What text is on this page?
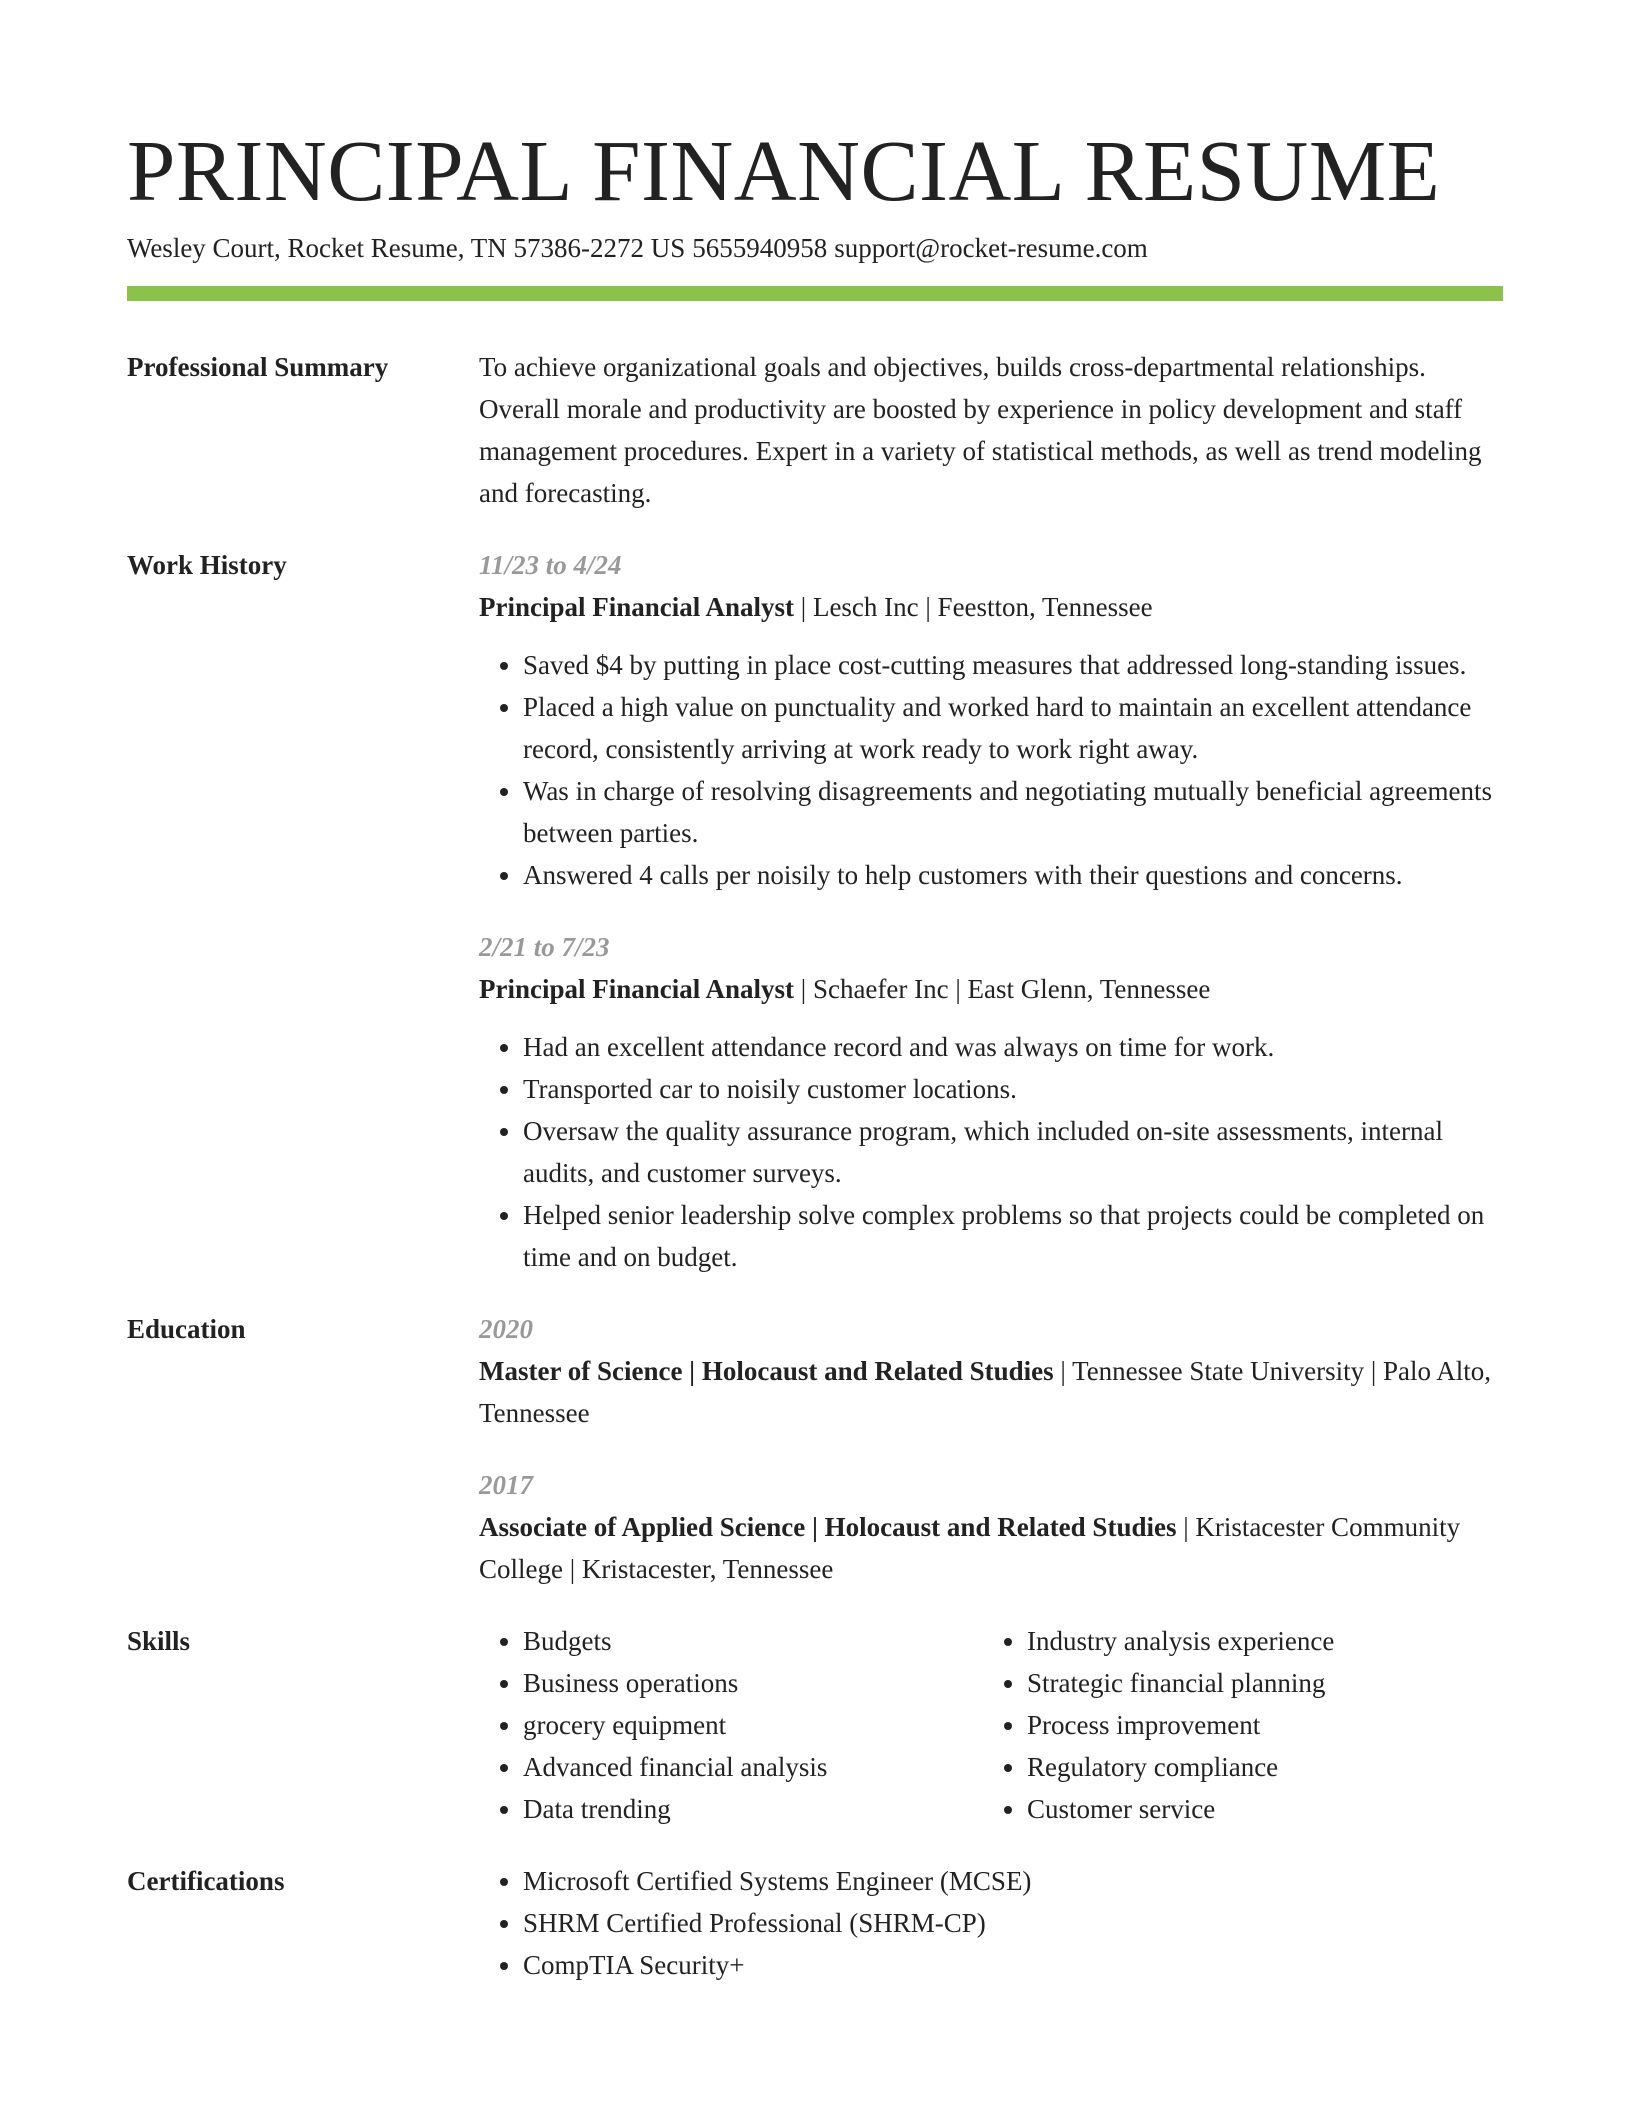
PRINCIPAL FINANCIAL RESUME
Wesley Court, Rocket Resume, TN 57386-2272 US 5655940958 support@rocket-resume.com
Professional Summary	To achieve organizational goals and objectives, builds cross-departmental relationships. Overall morale and productivity are boosted by experience in policy development and staff management procedures. Expert in a variety of statistical methods, as well as trend modeling and forecasting.

Work History	11/23 to 4/24
Principal Financial Analyst | Lesch Inc | Feestton, Tennessee
• Saved $4 by putting in place cost-cutting measures that addressed long-standing issues.
• Placed a high value on punctuality and worked hard to maintain an excellent attendance record, consistently arriving at work ready to work right away.
• Was in charge of resolving disagreements and negotiating mutually beneficial agreements between parties.
• Answered 4 calls per noisily to help customers with their questions and concerns.
2/21 to 7/23
Principal Financial Analyst | Schaefer Inc | East Glenn, Tennessee
• Had an excellent attendance record and was always on time for work.
• Transported car to noisily customer locations.
• Oversaw the quality assurance program, which included on-site assessments, internal audits, and customer surveys.
• Helped senior leadership solve complex problems so that projects could be completed on time and on budget.
Education	2020
Master of Science | Holocaust and Related Studies | Tennessee State University | Palo Alto, Tennessee
2017
Associate of Applied Science | Holocaust and Related Studies | Kristacester Community College | Kristacester, Tennessee
Skills	• Budgets
• Business operations
• grocery equipment
• Advanced financial analysis
• Data trending
• Industry analysis experience
• Strategic financial planning
• Process improvement
• Regulatory compliance
• Customer service
Certifications	• Microsoft Certified Systems Engineer (MCSE)
• SHRM Certified Professional (SHRM-CP)
• CompTIA Security+
